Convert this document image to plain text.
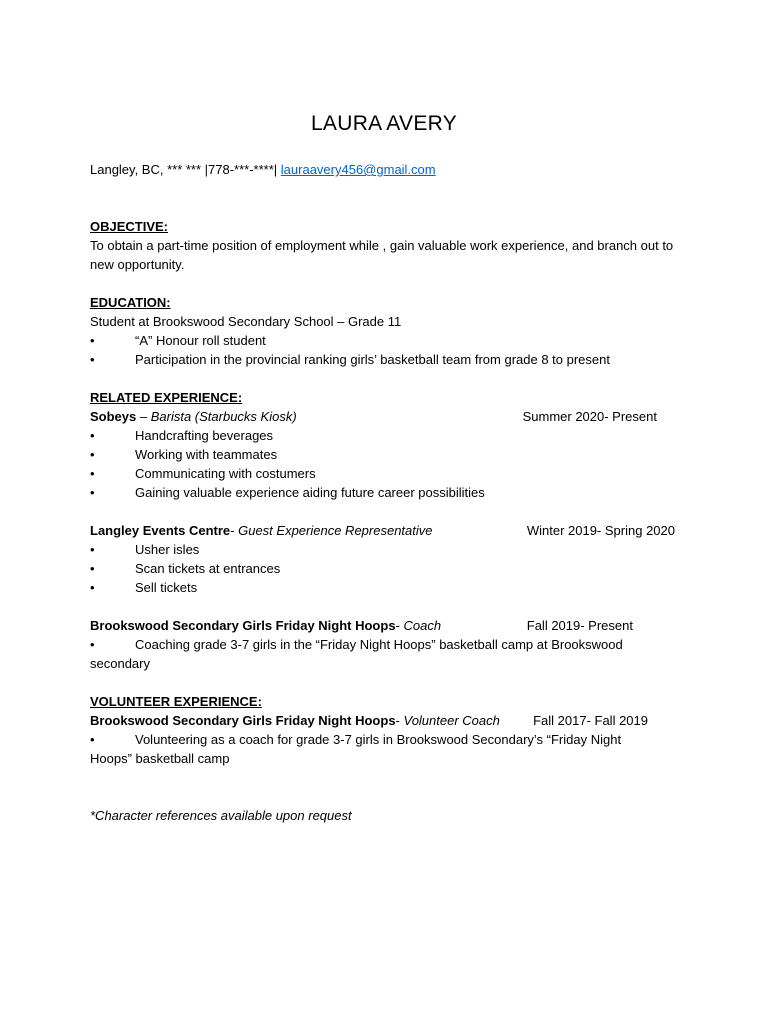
LAURA AVERY

Langley, BC, *** *** |778-***-****| lauraavery456@gmail.com

OBJECTIVE:

To obtain a part-time position of employment while , gain valuable work experience, and branch out to new opportunity.

EDUCATION:

Student at Brookswood Secondary School – Grade 11

•	“A” Honour roll student
•	Participation in the provincial ranking girls’ basketball team from grade 8 to present

RELATED EXPERIENCE:

Sobeys – Barista (Starbucks Kiosk)	Summer 2020- Present
•	Handcrafting beverages
•	Working with teammates
•	Communicating with costumers
•	Gaining valuable experience aiding future career possibilities
Langley Events Centre- Guest Experience Representative	Winter 2019- Spring 2020
•	Usher isles
•	Scan tickets at entrances
•	Sell tickets
Brookswood Secondary Girls Friday Night Hoops- Coach	Fall 2019- Present

•	Coaching grade 3-7 girls in the “Friday Night Hoops” basketball camp at Brookswood secondary

VOLUNTEER EXPERIENCE:

Brookswood Secondary Girls Friday Night Hoops- Volunteer Coach	Fall 2017- Fall 2019

•	Volunteering as a coach for grade 3-7 girls in Brookswood Secondary’s “Friday Night Hoops” basketball camp

*Character references available upon request
